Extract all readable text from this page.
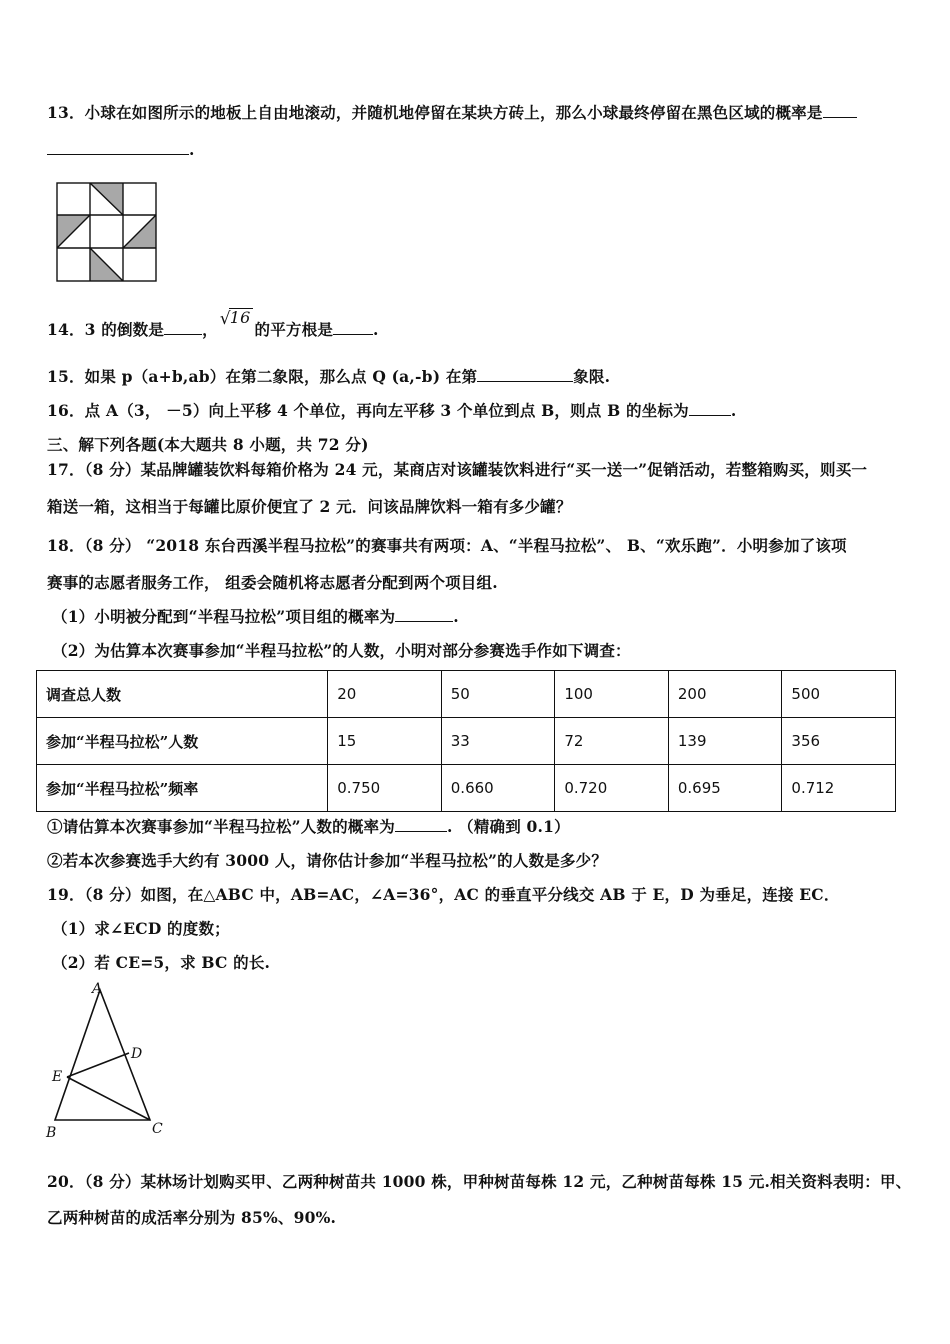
13．小球在如图所示的地板上自由地滚动，并随机地停留在某块方砖上，那么小球最终停留在黑色区域的概率是
.
14．3 的倒数是 ，
√
16的平方根是	.
15．如果 p（a+b,ab）在第二象限，那么点 Q (a,-b) 在第	象限.
16．点 A（3， －5）向上平移 4 个单位，再向左平移 3 个单位到点 B，则点 B 的坐标为	.
三、解下列各题(本大题共 8 小题，共 72 分)
17．（8 分）某品牌罐装饮料每箱价格为 24 元，某商店对该罐装饮料进行“买一送一”促销活动，若整箱购买，则买一
箱送一箱，这相当于每罐比原价便宜了 2 元．问该品牌饮料一箱有多少罐？
18．（8 分） “2018 东台西溪半程马拉松”的赛事共有两项：A、“半程马拉松”、 B、“欢乐跑”．小明参加了该项
赛事的志愿者服务工作， 组委会随机将志愿者分配到两个项目组.
（1）小明被分配到“半程马拉松”项目组的概率为	.
（2）为估算本次赛事参加“半程马拉松”的人数，小明对部分参赛选手作如下调查：
调查总人数	20	50	100	200	500
参加“半程马拉松”人数	15	33	72	139	356
参加“半程马拉松”频率	0.750	0.660	0.720	0.695	0.712
①请估算本次赛事参加“半程马拉松”人数的概率为	. （精确到 0.1）
②若本次参赛选手大约有 3000 人，请你估计参加“半程马拉松”的人数是多少？
19．（8 分）如图，在△ABC 中，AB=AC，∠A=36°，AC 的垂直平分线交 AB 于 E，D 为垂足，连接 EC．
（1）求∠ECD 的度数；
（2）若 CE=5，求 BC 的长.
A
B	C
D
E
20．（8 分）某林场计划购买甲、乙两种树苗共 1000 株，甲种树苗每株 12 元，乙种树苗每株 15 元.相关资料表明：甲、
乙两种树苗的成活率分别为 85%、90%.
